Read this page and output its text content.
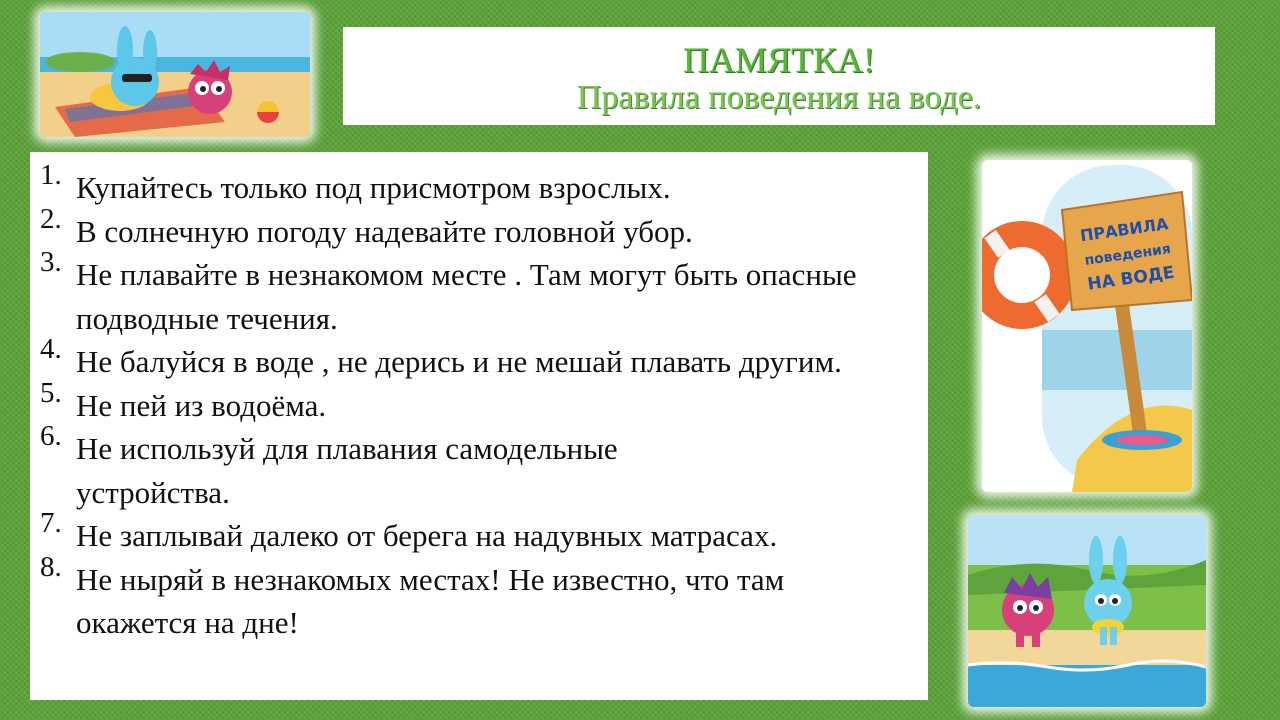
ПАМЯТКА!
Правила поведения на воде.
1. Купайтесь только под присмотром взрослых.
2. В солнечную погоду надевайте головной убор.
3. Не плавайте в незнакомом месте . Там могут быть опасные подводные течения.
4. Не балуйся в воде , не дерись и не мешай плавать другим.
5. Не пей из водоёма.
6. Не используй для плавания самодельные устройства.
7. Не заплывай далеко от берега на надувных матрасах.
8. Не ныряй в незнакомых местах! Не известно, что там окажется на дне!
ПРАВИЛА
поведения
НА ВОДЕ
